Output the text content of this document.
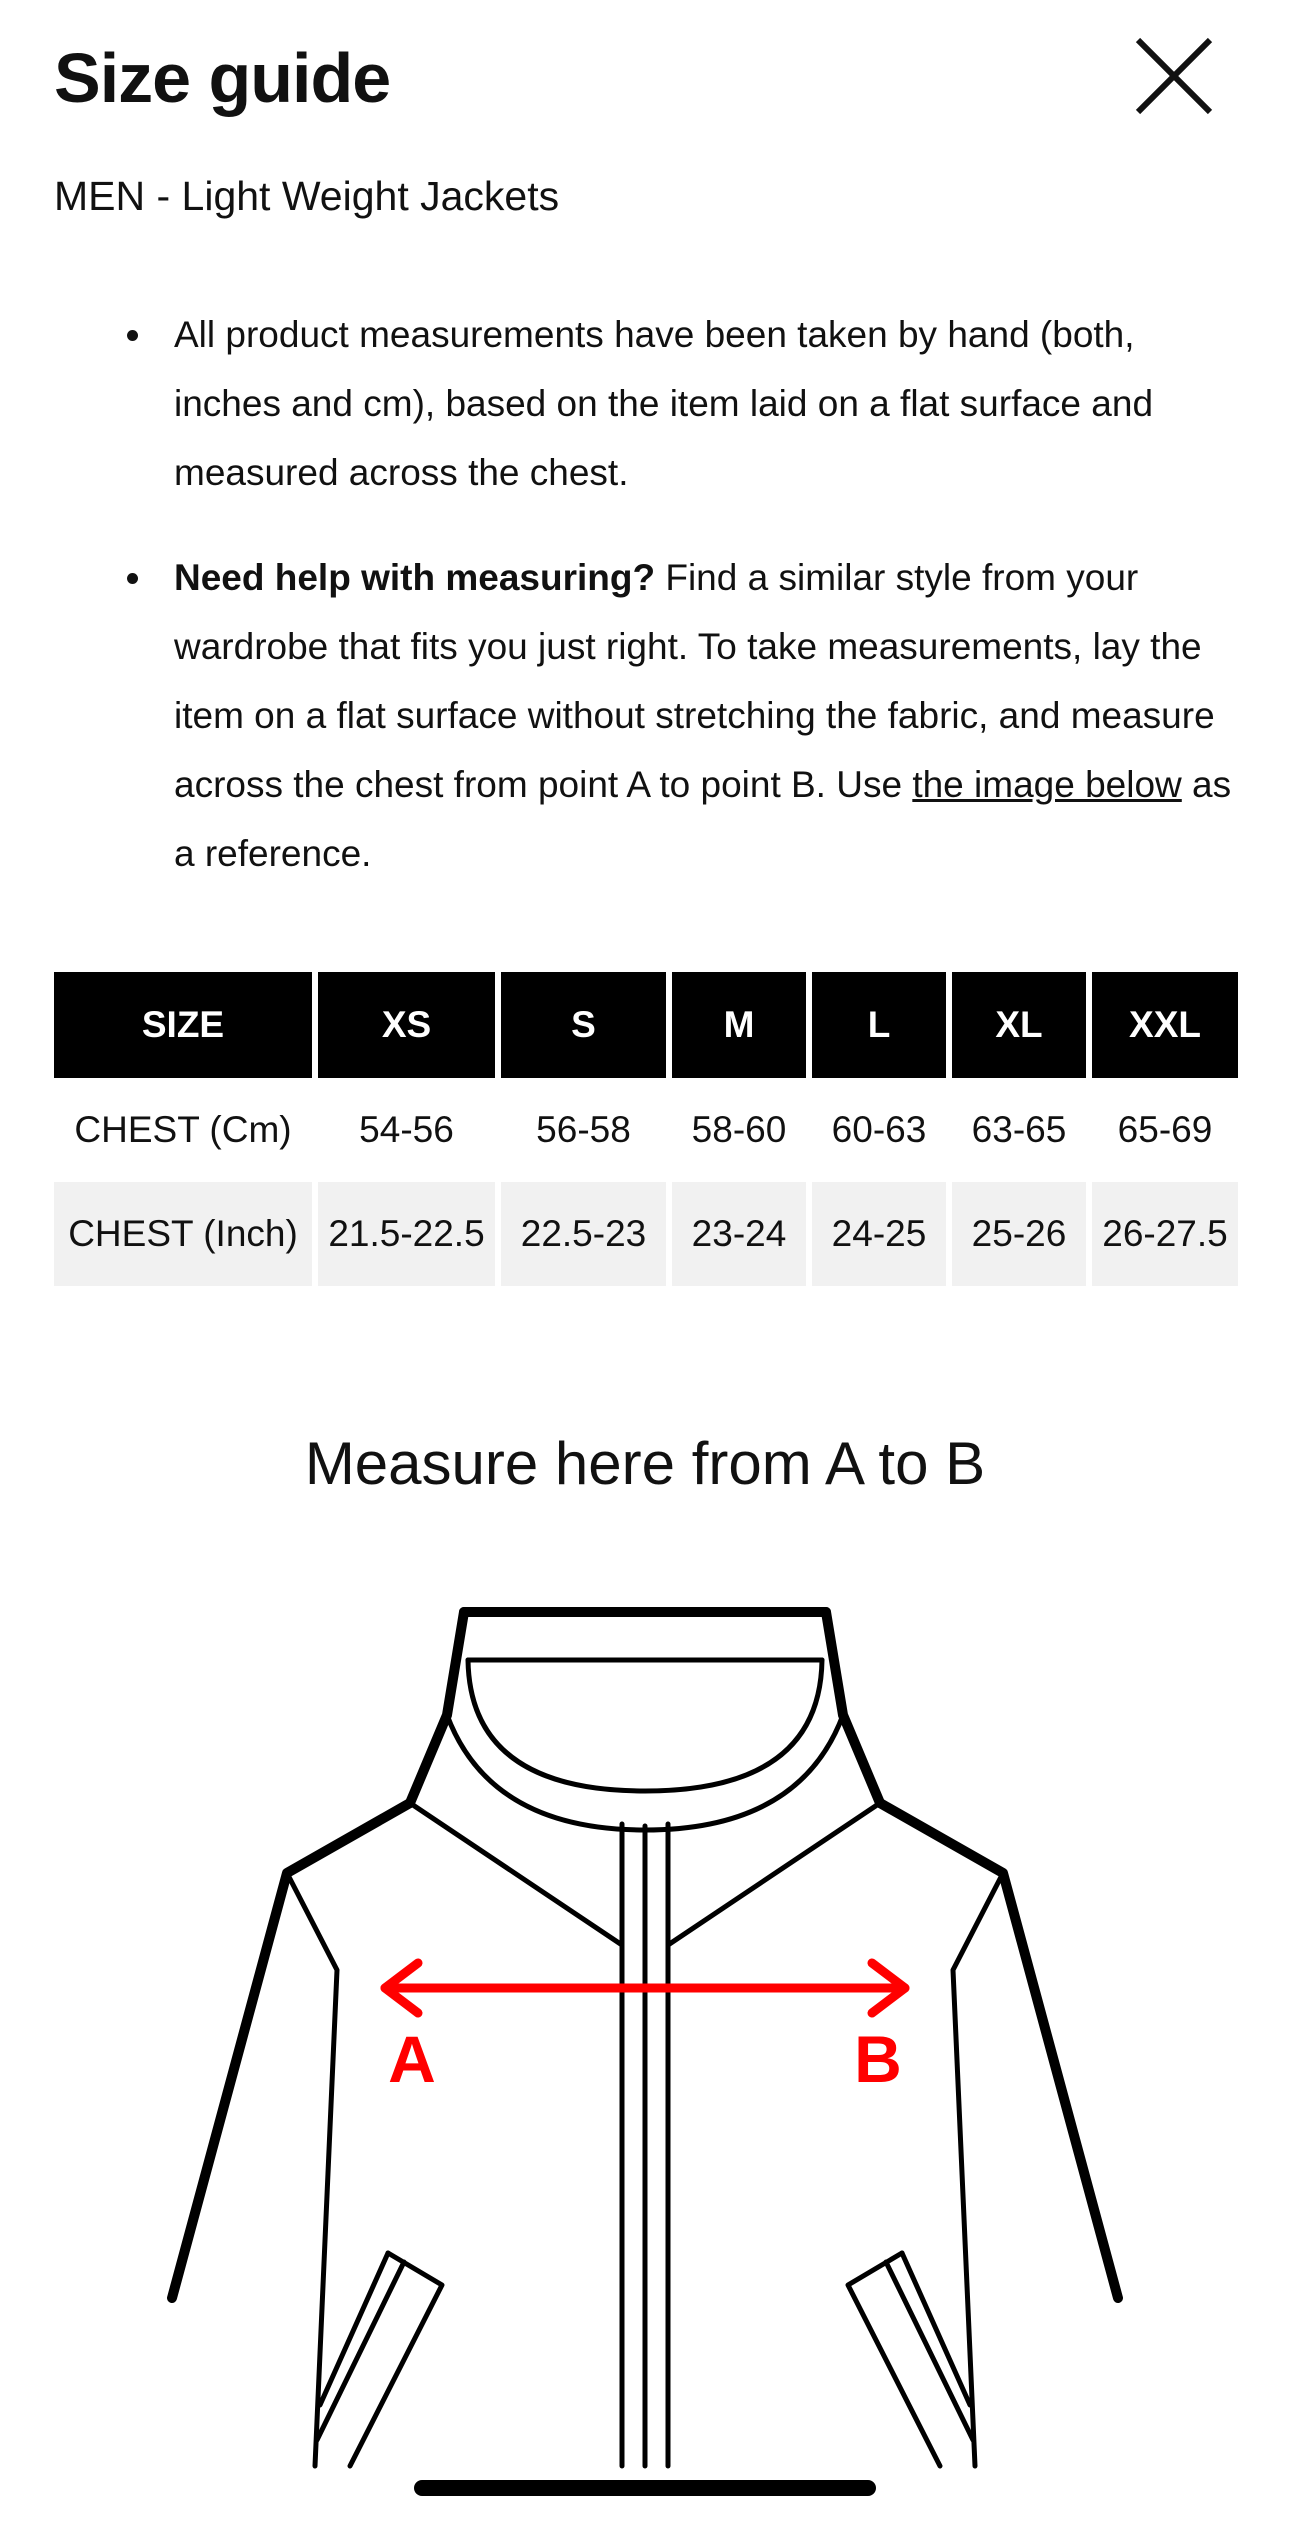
Size guide
MEN - Light Weight Jackets
All product measurements have been taken by hand (both, inches and cm), based on the item laid on a flat surface and measured across the chest.
Need help with measuring? Find a similar style from your wardrobe that fits you just right. To take measurements, lay the item on a flat surface without stretching the fabric, and measure across the chest from point A to point B. Use the image below as a reference.
SIZE	XS	S	M	L	XL	XXL
CHEST (Cm)	54-56	56-58	58-60	60-63	63-65	65-69
CHEST (Inch)	21.5-22.5	22.5-23	23-24	24-25	25-26	26-27.5
Measure here from A to B
A	B
